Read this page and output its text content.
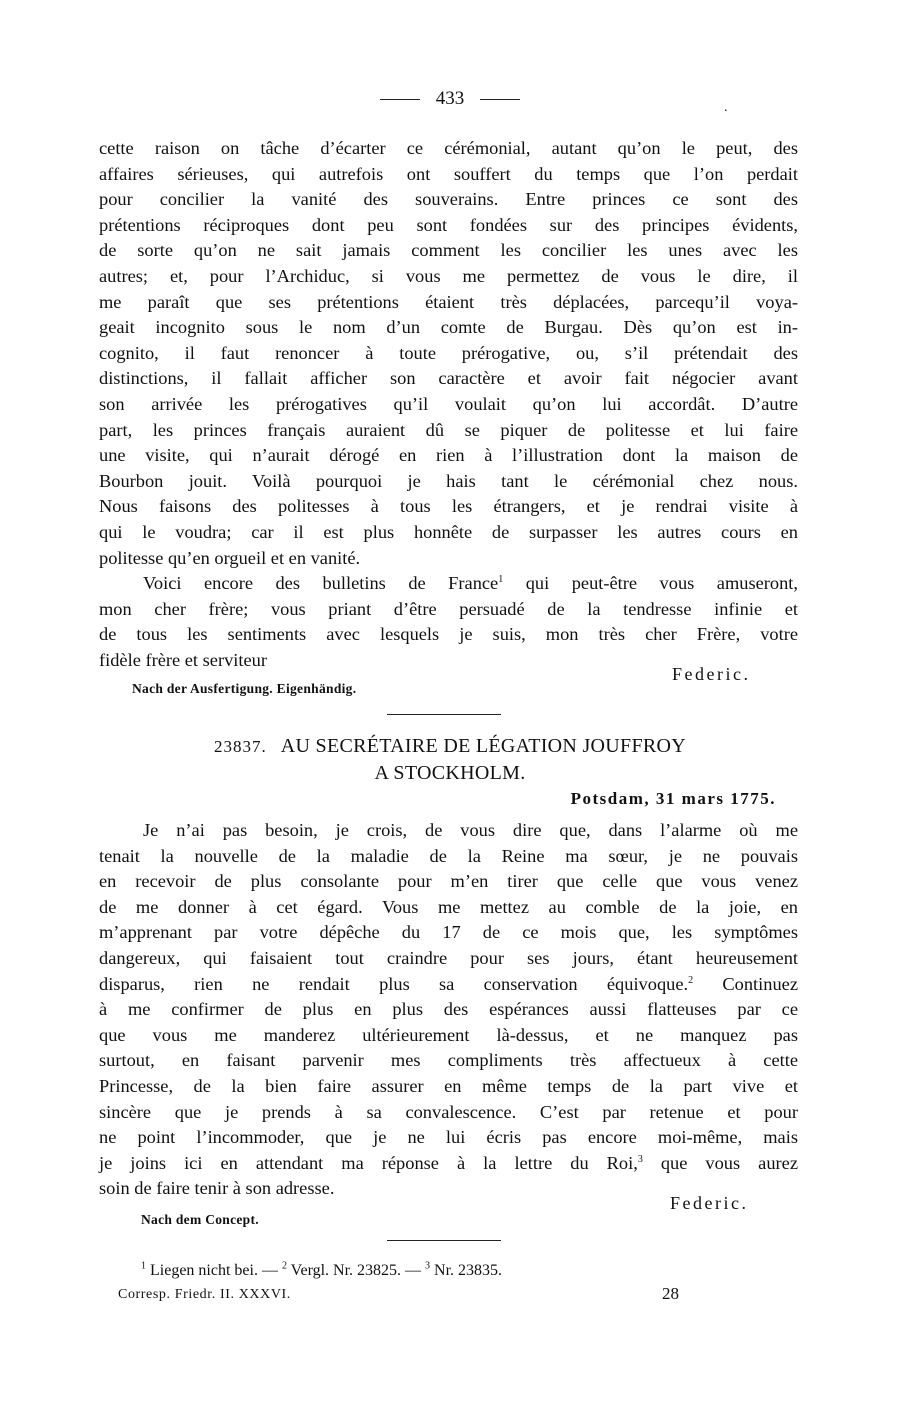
433	.
cette raison on tâche d’écarter ce cérémonial, autant qu’on le peut, des
affaires sérieuses, qui autrefois ont souffert du temps que l’on perdait
pour concilier la vanité des souverains. Entre princes ce sont des
prétentions réciproques dont peu sont fondées sur des principes évidents,
de sorte qu’on ne sait jamais comment les concilier les unes avec les
autres; et, pour l’Archiduc, si vous me permettez de vous le dire, il
me paraît que ses prétentions étaient très déplacées, parcequ’il voya-
geait incognito sous le nom d’un comte de Burgau. Dès qu’on est in-
cognito, il faut renoncer à toute prérogative, ou, s’il prétendait des
distinctions, il fallait afficher son caractère et avoir fait négocier avant
son arrivée les prérogatives qu’il voulait qu’on lui accordât. D’autre
part, les princes français auraient dû se piquer de politesse et lui faire
une visite, qui n’aurait dérogé en rien à l’illustration dont la maison de
Bourbon jouit. Voilà pourquoi je hais tant le cérémonial chez nous.
Nous faisons des politesses à tous les étrangers, et je rendrai visite à
qui le voudra; car il est plus honnête de surpasser les autres cours en
politesse qu’en orgueil et en vanité.
Voici encore des bulletins de France$^1$ qui peut-être vous amuseront,
mon cher frère; vous priant d’être persuadé de la tendresse infinie et
de tous les sentiments avec lesquels je suis, mon très cher Frère, votre
fidèle frère et serviteur
Federic.
Nach der Ausfertigung. Eigenhändig.
23837. AU SECRÉTAIRE DE LÉGATION JOUFFROY
A STOCKHOLM.
Potsdam, 31 mars 1775.
Je n’ai pas besoin, je crois, de vous dire que, dans l’alarme où me
tenait la nouvelle de la maladie de la Reine ma sœur, je ne pouvais
en recevoir de plus consolante pour m’en tirer que celle que vous venez
de me donner à cet égard. Vous me mettez au comble de la joie, en
m’apprenant par votre dépêche du 17 de ce mois que, les symptômes
dangereux, qui faisaient tout craindre pour ses jours, étant heureusement
disparus, rien ne rendait plus sa conservation équivoque.$^2$ Continuez
à me confirmer de plus en plus des espérances aussi flatteuses par ce
que vous me manderez ultérieurement là-dessus, et ne manquez pas
surtout, en faisant parvenir mes compliments très affectueux à cette
Princesse, de la bien faire assurer en même temps de la part vive et
sincère que je prends à sa convalescence. C’est par retenue et pour
ne point l’incommoder, que je ne lui écris pas encore moi-même, mais
je joins ici en attendant ma réponse à la lettre du Roi,$^3$ que vous aurez
soin de faire tenir à son adresse.
Federic.
Nach dem Concept.
$^1$ Liegen nicht bei. — $^2$ Vergl. Nr. 23825. — $^3$ Nr. 23835.
Corresp. Friedr. II. XXXVI.	28
